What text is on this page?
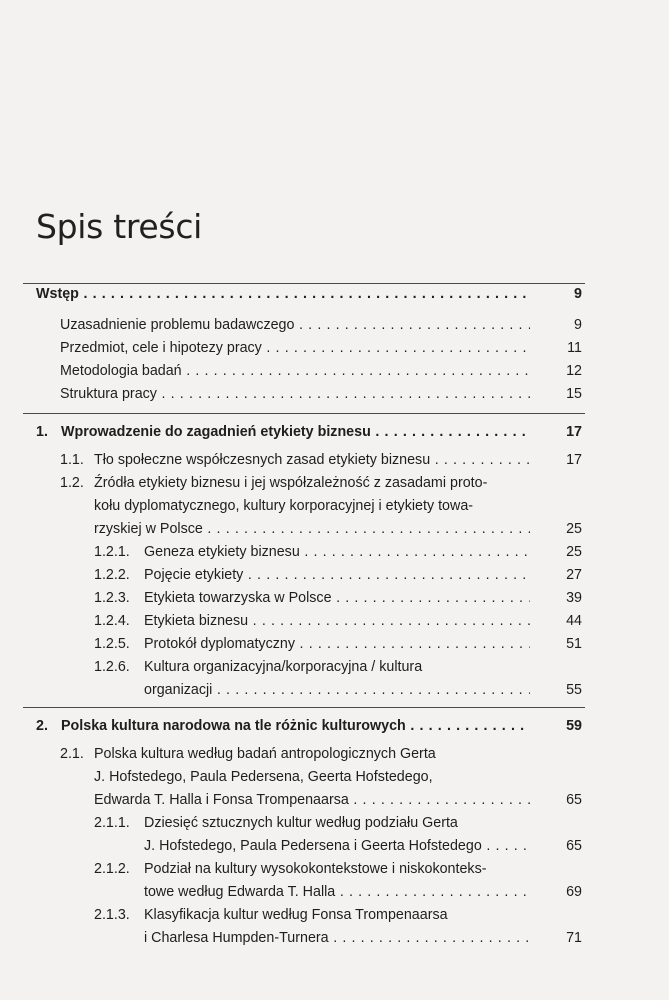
Spis treści
Wstęp . . .	9
Uzasadnienie problemu badawczego . . .	9
Przedmiot, cele i hipotezy pracy . . .	11
Metodologia badań . . .	12
Struktura pracy . . .	15
1. Wprowadzenie do zagadnień etykiety biznesu . . .	17
1.1. Tło społeczne współczesnych zasad etykiety biznesu . . .	17
1.2. Źródła etykiety biznesu i jej współzależność z zasadami proto-
kołu dyplomatycznego, kultury korporacyjnej i etykiety towa-
rzyskiej w Polsce . . .	25
1.2.1. Geneza etykiety biznesu . . .	25
1.2.2. Pojęcie etykiety . . .	27
1.2.3. Etykieta towarzyska w Polsce . . .	39
1.2.4. Etykieta biznesu . . .	44
1.2.5. Protokół dyplomatyczny . . .	51
1.2.6. Kultura organizacyjna/korporacyjna / kultura
organizacji . . .	55
2. Polska kultura narodowa na tle różnic kulturowych . . .	59
2.1. Polska kultura według badań antropologicznych Gerta
J. Hofstedego, Paula Pedersena, Geerta Hofstedego,
Edwarda T. Halla i Fonsa Trompenaarsa . . .	65
2.1.1. Dziesięć sztucznych kultur według podziału Gerta
J. Hofstedego, Paula Pedersena i Geerta Hofstedego . . .	65
2.1.2. Podział na kultury wysokokontekstowe i niskokonteks-
towe według Edwarda T. Halla . . .	69
2.1.3. Klasyfikacja kultur według Fonsa Trompenaarsa
i Charlesa Humpden-Turnera . . .	71
